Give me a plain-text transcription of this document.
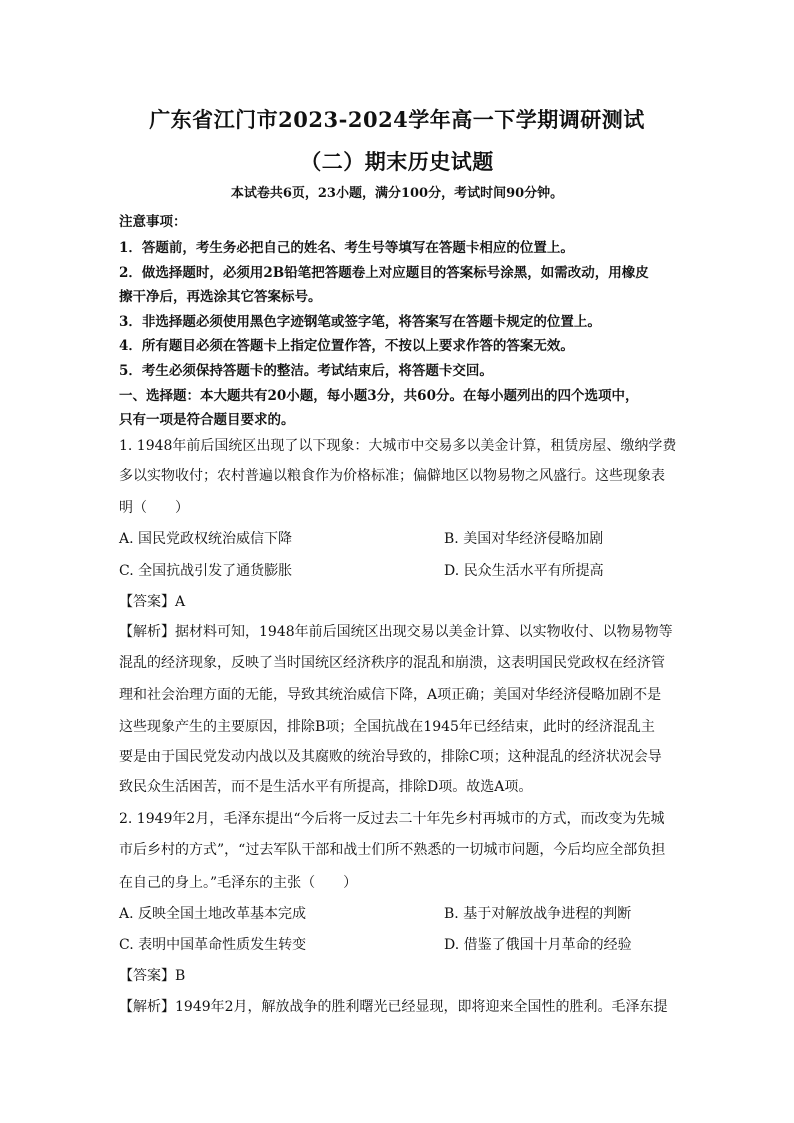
广东省江门市2023-2024学年高一下学期调研测试
（二）期末历史试题
本试卷共6页，23小题，满分100分，考试时间90分钟。
注意事项：
1．答题前，考生务必把自己的姓名、考生号等填写在答题卡相应的位置上。
2．做选择题时，必须用2B铅笔把答题卷上对应题目的答案标号涂黑，如需改动，用橡皮
擦干净后，再选涂其它答案标号。
3．非选择题必须使用黑色字迹钢笔或签字笔，将答案写在答题卡规定的位置上。
4．所有题目必须在答题卡上指定位置作答，不按以上要求作答的答案无效。
5．考生必须保持答题卡的整洁。考试结束后，将答题卡交回。
一、选择题：本大题共有20小题，每小题3分，共60分。在每小题列出的四个选项中，
只有一项是符合题目要求的。
1. 1948年前后国统区出现了以下现象：大城市中交易多以美金计算，租赁房屋、缴纳学费
多以实物收付；农村普遍以粮食作为价格标准；偏僻地区以物易物之风盛行。这些现象表
明（　　）
A. 国民党政权统治威信下降	B. 美国对华经济侵略加剧
C. 全国抗战引发了通货膨胀	D. 民众生活水平有所提高
【答案】A
【解析】据材料可知，1948年前后国统区出现交易以美金计算、以实物收付、以物易物等
混乱的经济现象，反映了当时国统区经济秩序的混乱和崩溃，这表明国民党政权在经济管
理和社会治理方面的无能，导致其统治威信下降，A项正确；美国对华经济侵略加剧不是
这些现象产生的主要原因，排除B项；全国抗战在1945年已经结束，此时的经济混乱主
要是由于国民党发动内战以及其腐败的统治导致的，排除C项；这种混乱的经济状况会导
致民众生活困苦，而不是生活水平有所提高，排除D项。故选A项。
2. 1949年2月，毛泽东提出“今后将一反过去二十年先乡村再城市的方式，而改变为先城
市后乡村的方式”，“过去军队干部和战士们所不熟悉的一切城市问题，今后均应全部负担
在自己的身上。”毛泽东的主张（　　）
A. 反映全国土地改革基本完成	B. 基于对解放战争进程的判断
C. 表明中国革命性质发生转变	D. 借鉴了俄国十月革命的经验
【答案】B
【解析】1949年2月，解放战争的胜利曙光已经显现，即将迎来全国性的胜利。毛泽东提
